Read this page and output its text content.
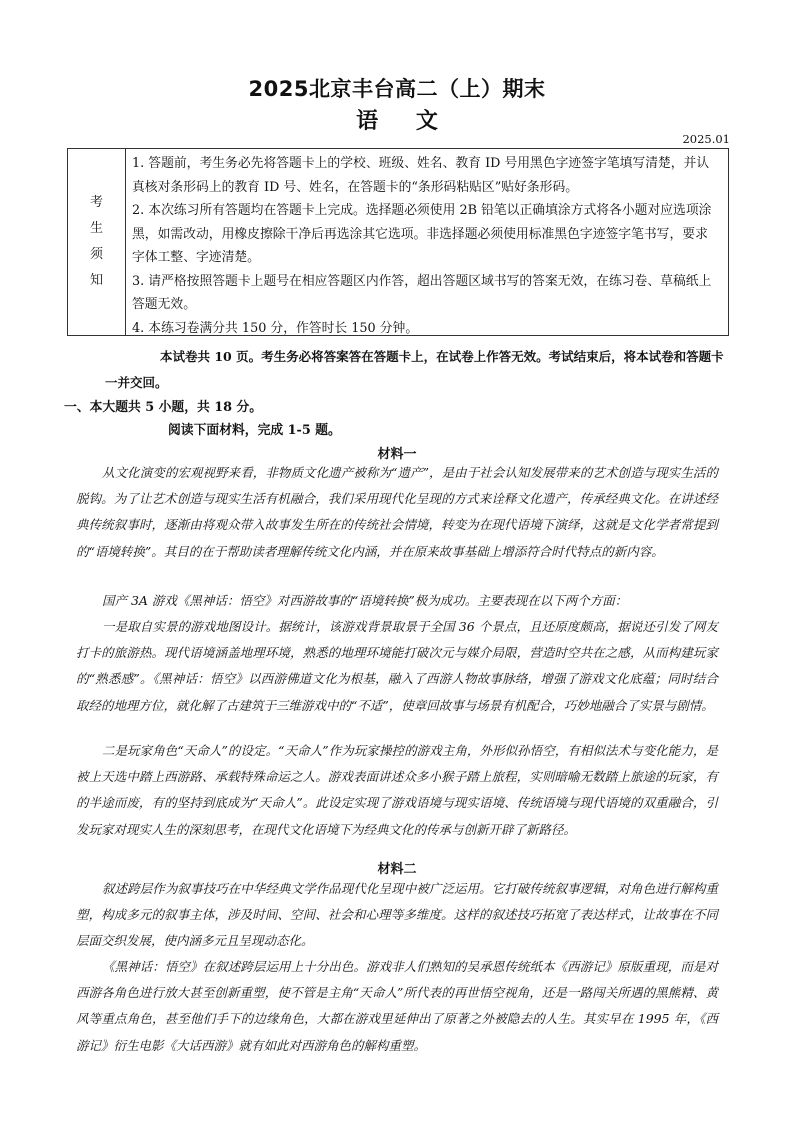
2025北京丰台高二（上）期末
语 文
2025.01
考
生
须
知
1. 答题前，考生务必先将答题卡上的学校、班级、姓名、教育 ID 号用黑色字迹签字笔填写清楚，并认真核对条形码上的教育 ID 号、姓名，在答题卡的“条形码粘贴区”贴好条形码。
2. 本次练习所有答题均在答题卡上完成。选择题必须使用 2B 铅笔以正确填涂方式将各小题对应选项涂黑，如需改动，用橡皮擦除干净后再选涂其它选项。非选择题必须使用标准黑色字迹签字笔书写，要求字体工整、字迹清楚。
3. 请严格按照答题卡上题号在相应答题区内作答，超出答题区域书写的答案无效，在练习卷、草稿纸上答题无效。
4. 本练习卷满分共 150 分，作答时长 150 分钟。
本试卷共 10 页。考生务必将答案答在答题卡上，在试卷上作答无效。考试结束后，将本试卷和答题卡一并交回。
一、本大题共 5 小题，共 18 分。
阅读下面材料，完成 1-5 题。
材料一
从文化演变的宏观视野来看，非物质文化遗产被称为“遗产”，是由于社会认知发展带来的艺术创造与现实生活的脱钩。为了让艺术创造与现实生活有机融合，我们采用现代化呈现的方式来诠释文化遗产，传承经典文化。在讲述经典传统叙事时，逐渐由将观众带入故事发生所在的传统社会情境，转变为在现代语境下演绎，这就是文化学者常提到的“语境转换”。其目的在于帮助读者理解传统文化内涵，并在原来故事基础上增添符合时代特点的新内容。
国产 3A 游戏《黑神话：悟空》对西游故事的“语境转换”极为成功。主要表现在以下两个方面：
一是取自实景的游戏地图设计。据统计，该游戏背景取景于全国 36 个景点，且还原度颇高，据说还引发了网友打卡的旅游热。现代语境涵盖地理环境，熟悉的地理环境能打破次元与媒介局限，营造时空共在之感，从而构建玩家的“熟悉感”。《黑神话：悟空》以西游佛道文化为根基，融入了西游人物故事脉络，增强了游戏文化底蕴；同时结合取经的地理方位，就化解了古建筑于三维游戏中的“不适”，使章回故事与场景有机配合，巧妙地融合了实景与剧情。
二是玩家角色“天命人”的设定。“天命人”作为玩家操控的游戏主角，外形似孙悟空，有相似法术与变化能力，是被上天选中踏上西游路、承载特殊命运之人。游戏表面讲述众多小猴子踏上旅程，实则暗喻无数踏上旅途的玩家，有的半途而废，有的坚持到底成为“天命人”。此设定实现了游戏语境与现实语境、传统语境与现代语境的双重融合，引发玩家对现实人生的深刻思考，在现代文化语境下为经典文化的传承与创新开辟了新路径。
材料二
叙述跨层作为叙事技巧在中华经典文学作品现代化呈现中被广泛运用。它打破传统叙事逻辑，对角色进行解构重塑，构成多元的叙事主体，涉及时间、空间、社会和心理等多维度。这样的叙述技巧拓宽了表达样式，让故事在不同层面交织发展，使内涵多元且呈现动态化。
《黑神话：悟空》在叙述跨层运用上十分出色。游戏非人们熟知的吴承恩传统纸本《西游记》原版重现，而是对西游各角色进行放大甚至创新重塑，使不管是主角“天命人”所代表的再世悟空视角，还是一路闯关所遇的黑熊精、黄风等重点角色，甚至他们手下的边缘角色，大都在游戏里延伸出了原著之外被隐去的人生。其实早在 1995 年，《西游记》衍生电影《大话西游》就有如此对西游角色的解构重塑。
